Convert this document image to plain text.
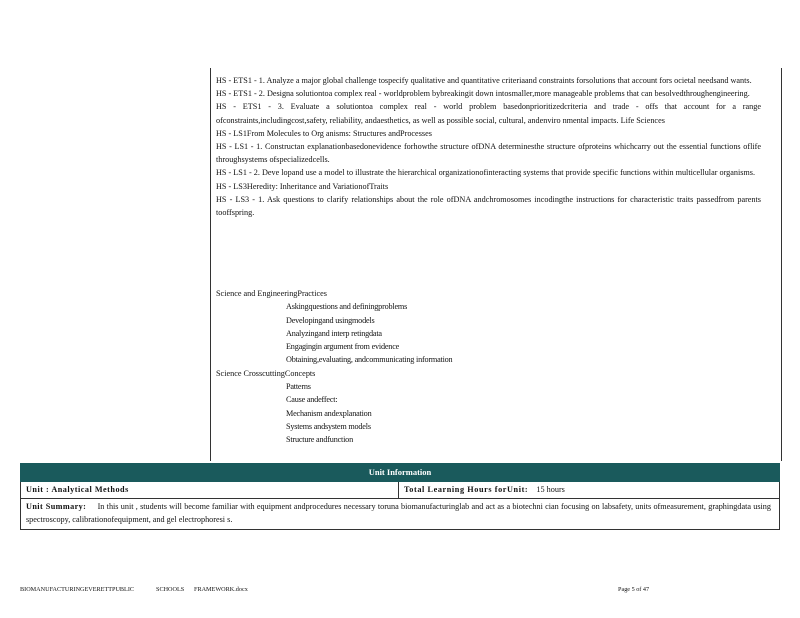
HS - ETS1 - 1. Analyze a major global challenge tospecify qualitative and quantitative criteriaand constraints forsolutions that account fors ocietal needsand wants.
HS - ETS1 - 2. Designa solutiontoa complex real - worldproblem bybreakingit down intosmaller,more manageable problems that can besolvedthroughengineering.
HS - ETS1 - 3. Evaluate a solutiontoa complex real - world problem basedonprioritizedcriteria and trade - offs that account for a range ofconstraints,includingcost,safety, reliability, andaesthetics, as well as possible social, cultural, andenviro nmental impacts. Life Sciences
HS - LS1From Molecules to Org anisms: Structures andProcesses
HS - LS1 - 1. Constructan explanationbasedonevidence forhowthe structure ofDNA determinesthe structure ofproteins whichcarry out the essential functions oflife throughsystems ofspecializedcells.
HS - LS1 - 2. Deve lopand use a model to illustrate the hierarchical organizationofinteracting systems that provide specific functions within multicellular organisms.
HS - LS3Heredity: Inheritance and VariationofTraits
HS - LS3 - 1. Ask questions to clarify relationships about the role ofDNA andchromosomes incodingthe instructions for characteristic traits passedfrom parents tooffspring.
Science and EngineeringPractices
Askingquestions and definingproblems
Developingand usingmodels
Analyzingand interp retingdata
Engagingin argument from evidence
Obtaining,evaluating, andcommunicating information
Science CrosscuttingConcepts
Patterns
Cause andeffect:
Mechanism andexplanation
Systems andsystem models
Structure andfunction
Unit Information
Unit : Analytical Methods	Total Learning Hours forUnit: 15 hours
Unit Summary: In this unit , students will become familiar with equipment andprocedures necessary toruna biomanufacturinglab and act as a biotechni cian focusing on labsafety, units ofmeasurement, graphingdata using spectroscopy, calibrationofequipment, and gel electrophoresi s.
BIOMANUFACTURINGEVERETTPUBLIC	SCHOOLS FRAMEWORK.docx	Page 5 of 47
